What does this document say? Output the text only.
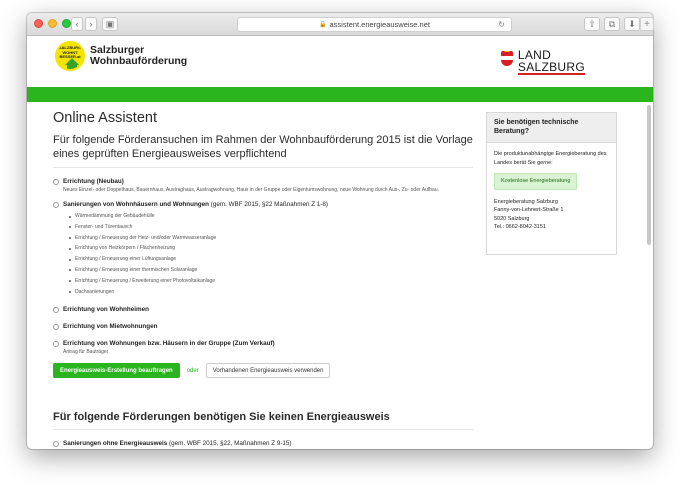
‹	›	▣	🔒 assistent.energieausweise.net	↻	⇧	⧉	⬇
SALZBURG WOHNT BESSER.at
Salzburger
Wohnbauförderung	LAND
SALZBURG
Online Assistent

Für folgende Förderansuchen im Rahmen der Wohnbauförderung 2015 ist die Vorlage eines geprüften Energieausweises verpflichtend

Errichtung (Neubau)
Neues Einzel- oder Doppelhaus, Bauernhaus, Austraghaus, Austragwohnung, Haus in der Gruppe oder Eigentumswohnung, neue Wohnung durch Aus-, Zu- oder Aufbau.
Sanierungen von Wohnhäusern und Wohnungen (gem. WBF 2015, §22 Maßnahmen Z 1-8)
Wärmedämmung der Gebäudehülle
Fenster- und Türentausch
Errichtung / Erneuerung der Heiz- und/oder Warmwasseranlage
Errichtung von Heizkörpern / Flächenheizung
Errichtung / Erneuerung einer Lüftungsanlage
Errichtung / Erneuerung einer thermischen Solaranlage
Errichtung / Erneuerung / Erweiterung einer Photovoltaikanlage
Dachsanierungen
Errichtung von Wohnheimen
Errichtung von Mietwohnungen
Errichtung von Wohnungen bzw. Häusern in der Gruppe (Zum Verkauf)
Antrag für Bauträger
Energieausweis-Erstellung beauftragen	oder	Vorhandenen Energieausweis verwenden
Für folgende Förderungen benötigen Sie keinen Energieausweis
Sanierungen ohne Energieausweis (gem. WBF 2015, §22, Maßnahmen Z 9-15)
Sie benötigen technische Beratung?
Die produktunabhängige Energieberatung des Landes berät Sie gerne:
Kostenlose Energieberatung
Energieberatung Salzburg
Fanny-von-Lehnert-Straße 1
5020 Salzburg
Tel.: 0662-8042-3151
+
